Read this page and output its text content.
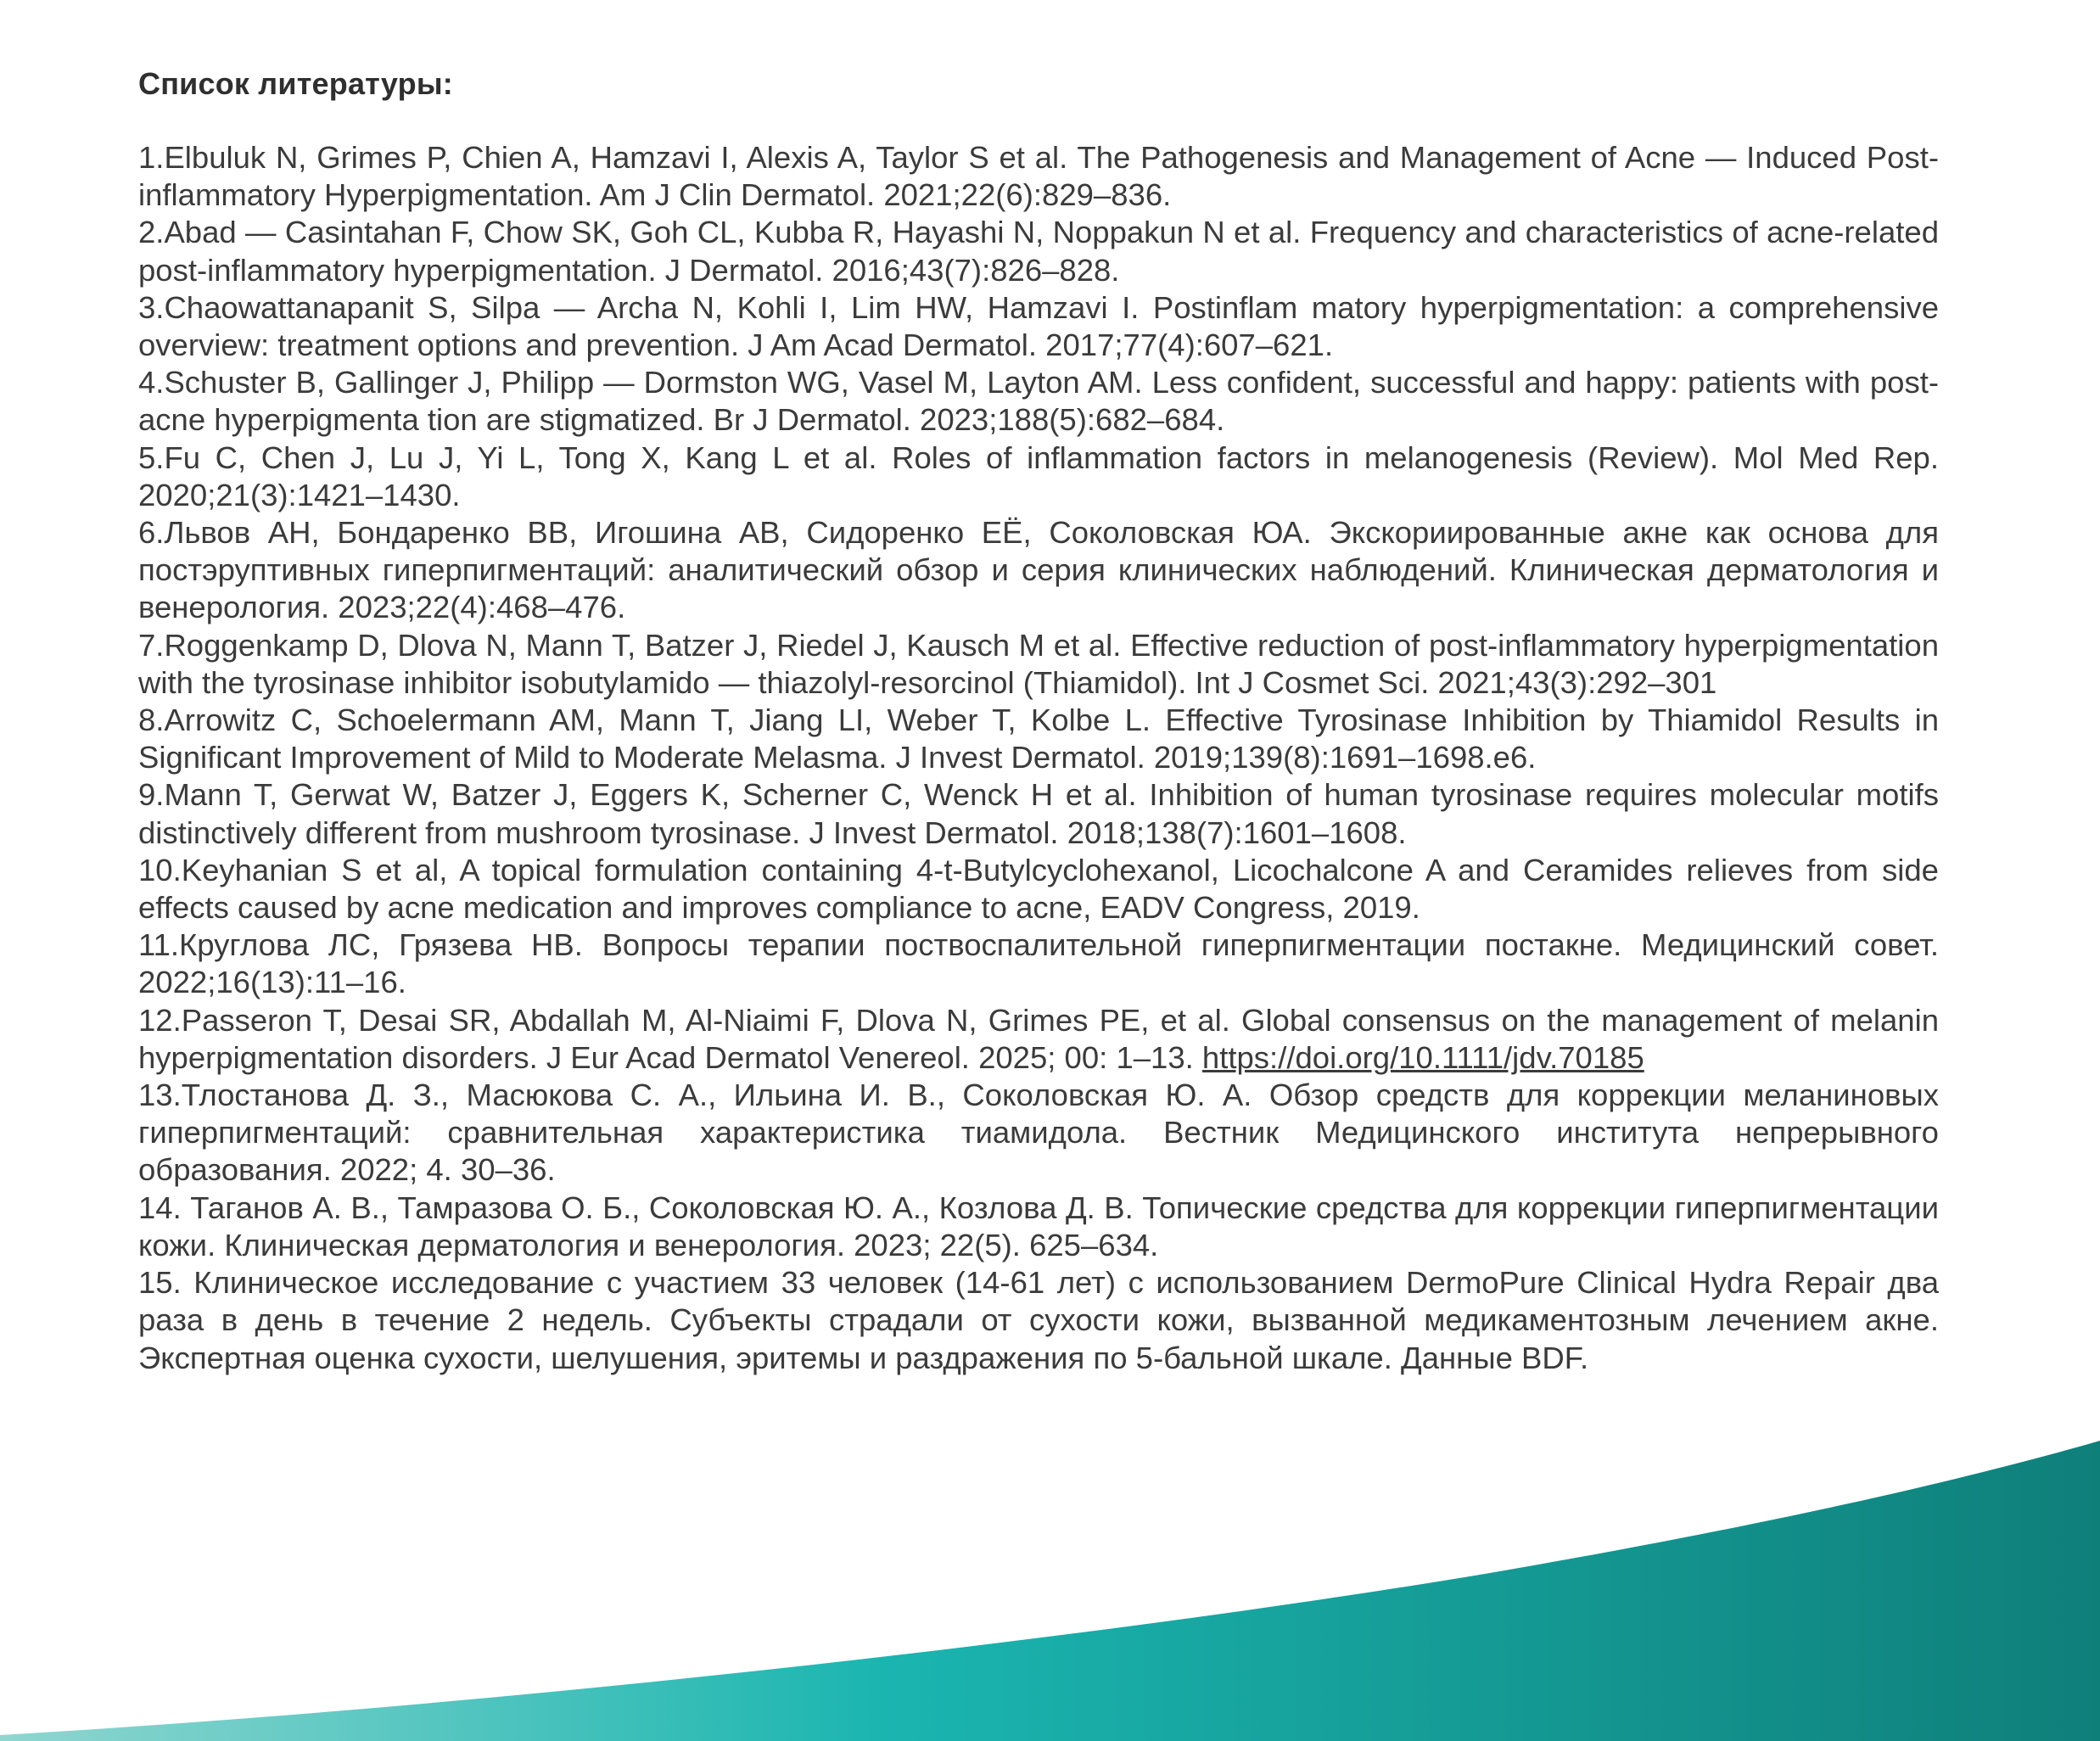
Список литературы:
1.Elbuluk N, Grimes P, Chien A, Hamzavi I, Alexis A, Taylor S et al. The Pathogenesis and Management of Acne — Induced Post-inflammatory Hyperpigmentation. Am J Clin Dermatol. 2021;22(6):829–836.
2.Abad — Casintahan F, Chow SK, Goh CL, Kubba R, Hayashi N, Noppakun N et al. Frequency and characteristics of acne-related post-inflammatory hyperpigmentation. J Dermatol. 2016;43(7):826–828.
3.Chaowattanapanit S, Silpa — Archa N, Kohli I, Lim HW, Hamzavi I. Postinflam matory hyperpigmentation: a comprehensive overview: treatment options and prevention. J Am Acad Dermatol. 2017;77(4):607–621.
4.Schuster B, Gallinger J, Philipp — Dormston WG, Vasel M, Layton AM. Less confident, successful and happy: patients with post-acne hyperpigmenta tion are stigmatized. Br J Dermatol. 2023;188(5):682–684.
5.Fu C, Chen J, Lu J, Yi L, Tong X, Kang L et al. Roles of inflammation factors in melanogenesis (Review). Mol Med Rep. 2020;21(3):1421–1430.
6.Львов АН, Бондаренко ВВ, Игошина АВ, Сидоренко ЕЁ, Соколовская ЮА. Экскориированные акне как основа для постэруптивных гиперпигментаций: аналитический обзор и серия клинических наблюдений. Клиническая дерматология и венерология. 2023;22(4):468–476.
7.Roggenkamp D, Dlova N, Mann T, Batzer J, Riedel J, Kausch M et al. Effective reduction of post-inflammatory hyperpigmentation with the tyrosinase inhibitor isobutylamido — thiazolyl-resorcinol (Thiamidol). Int J Cosmet Sci. 2021;43(3):292–301
8.Arrowitz C, Schoelermann AM, Mann T, Jiang LI, Weber T, Kolbe L. Effective Tyrosinase Inhibition by Thiamidol Results in Significant Improvement of Mild to Moderate Melasma. J Invest Dermatol. 2019;139(8):1691–1698.e6.
9.Mann T, Gerwat W, Batzer J, Eggers K, Scherner C, Wenck H et al. Inhibition of human tyrosinase requires molecular motifs distinctively different from mushroom tyrosinase. J Invest Dermatol. 2018;138(7):1601–1608.
10.Keyhanian S et al, A topical formulation containing 4-t-Butylcyclohexanol, Licochalcone A and Ceramides relieves from side effects caused by acne medication and improves compliance to acne, EADV Congress, 2019.
11.Круглова ЛС, Грязева НВ. Вопросы терапии поствоспалительной гиперпигментации постакне. Медицинский совет. 2022;16(13):11–16.
12.Passeron T, Desai SR, Abdallah M, Al-Niaimi F, Dlova N, Grimes PE, et al. Global consensus on the management of melanin hyperpigmentation disorders. J Eur Acad Dermatol Venereol. 2025; 00: 1–13. https://doi.org/10.1111/jdv.70185
13.Тлостанова Д. З., Масюкова С. А., Ильина И. В., Соколовская Ю. А. Обзор средств для коррекции меланиновых гиперпигментаций: сравнительная характеристика тиамидола. Вестник Медицинского института непрерывного образования. 2022; 4. 30–36.
14. Таганов А. В., Тамразова О. Б., Соколовская Ю. А., Козлова Д. В. Топические средства для коррекции гиперпигментации кожи. Клиническая дерматология и венерология. 2023; 22(5). 625–634.
15. Клиническое исследование с участием 33 человек (14-61 лет) с использованием DermoPure Clinical Hydra Repair два раза в день в течение 2 недель. Субъекты страдали от сухости кожи, вызванной медикаментозным лечением акне. Экспертная оценка сухости, шелушения, эритемы и раздражения по 5-бальной шкале. Данные BDF.
